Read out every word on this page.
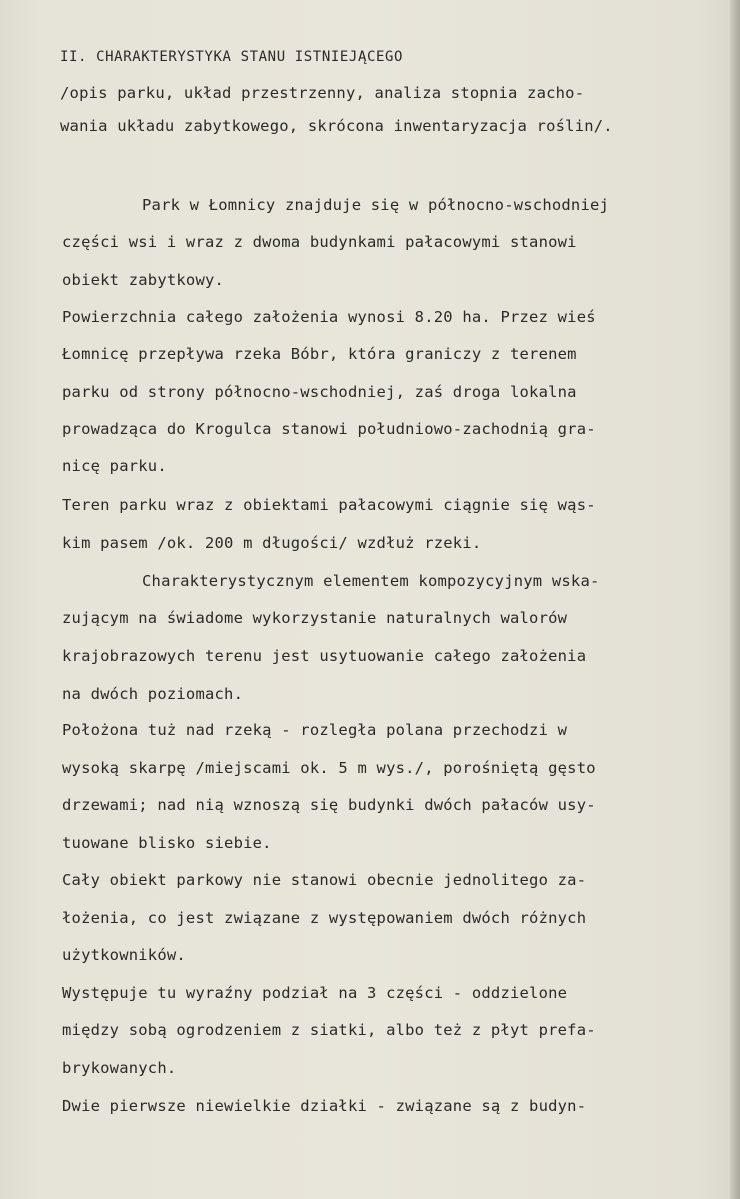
II. CHARAKTERYSTYKA STANU ISTNIEJĄCEGO
/opis parku, układ przestrzenny, analiza stopnia zacho-
wania układu zabytkowego, skrócona inwentaryzacja roślin/.
Park w Łomnicy znajduje się w północno-wschodniej
części wsi i wraz z dwoma budynkami pałacowymi stanowi
obiekt zabytkowy.
Powierzchnia całego założenia wynosi 8.20 ha. Przez wieś
Łomnicę przepływa rzeka Bóbr, która graniczy z terenem
parku od strony północno-wschodniej, zaś droga lokalna
prowadząca do Krogulca stanowi południowo-zachodnią gra-
nicę parku.
Teren parku wraz z obiektami pałacowymi ciągnie się wąs-
kim pasem /ok. 200 m długości/ wzdłuż rzeki.
Charakterystycznym elementem kompozycyjnym wska-
zującym na świadome wykorzystanie naturalnych walorów
krajobrazowych terenu jest usytuowanie całego założenia
na dwóch poziomach.
Położona tuż nad rzeką - rozległa polana przechodzi w
wysoką skarpę /miejscami ok. 5 m wys./, porośniętą gęsto
drzewami; nad nią wznoszą się budynki dwóch pałaców usy-
tuowane blisko siebie.
Cały obiekt parkowy nie stanowi obecnie jednolitego za-
łożenia, co jest związane z występowaniem dwóch różnych
użytkowników.
Występuje tu wyraźny podział na 3 części - oddzielone
między sobą ogrodzeniem z siatki, albo też z płyt prefa-
brykowanych.
Dwie pierwsze niewielkie działki - związane są z budyn-
